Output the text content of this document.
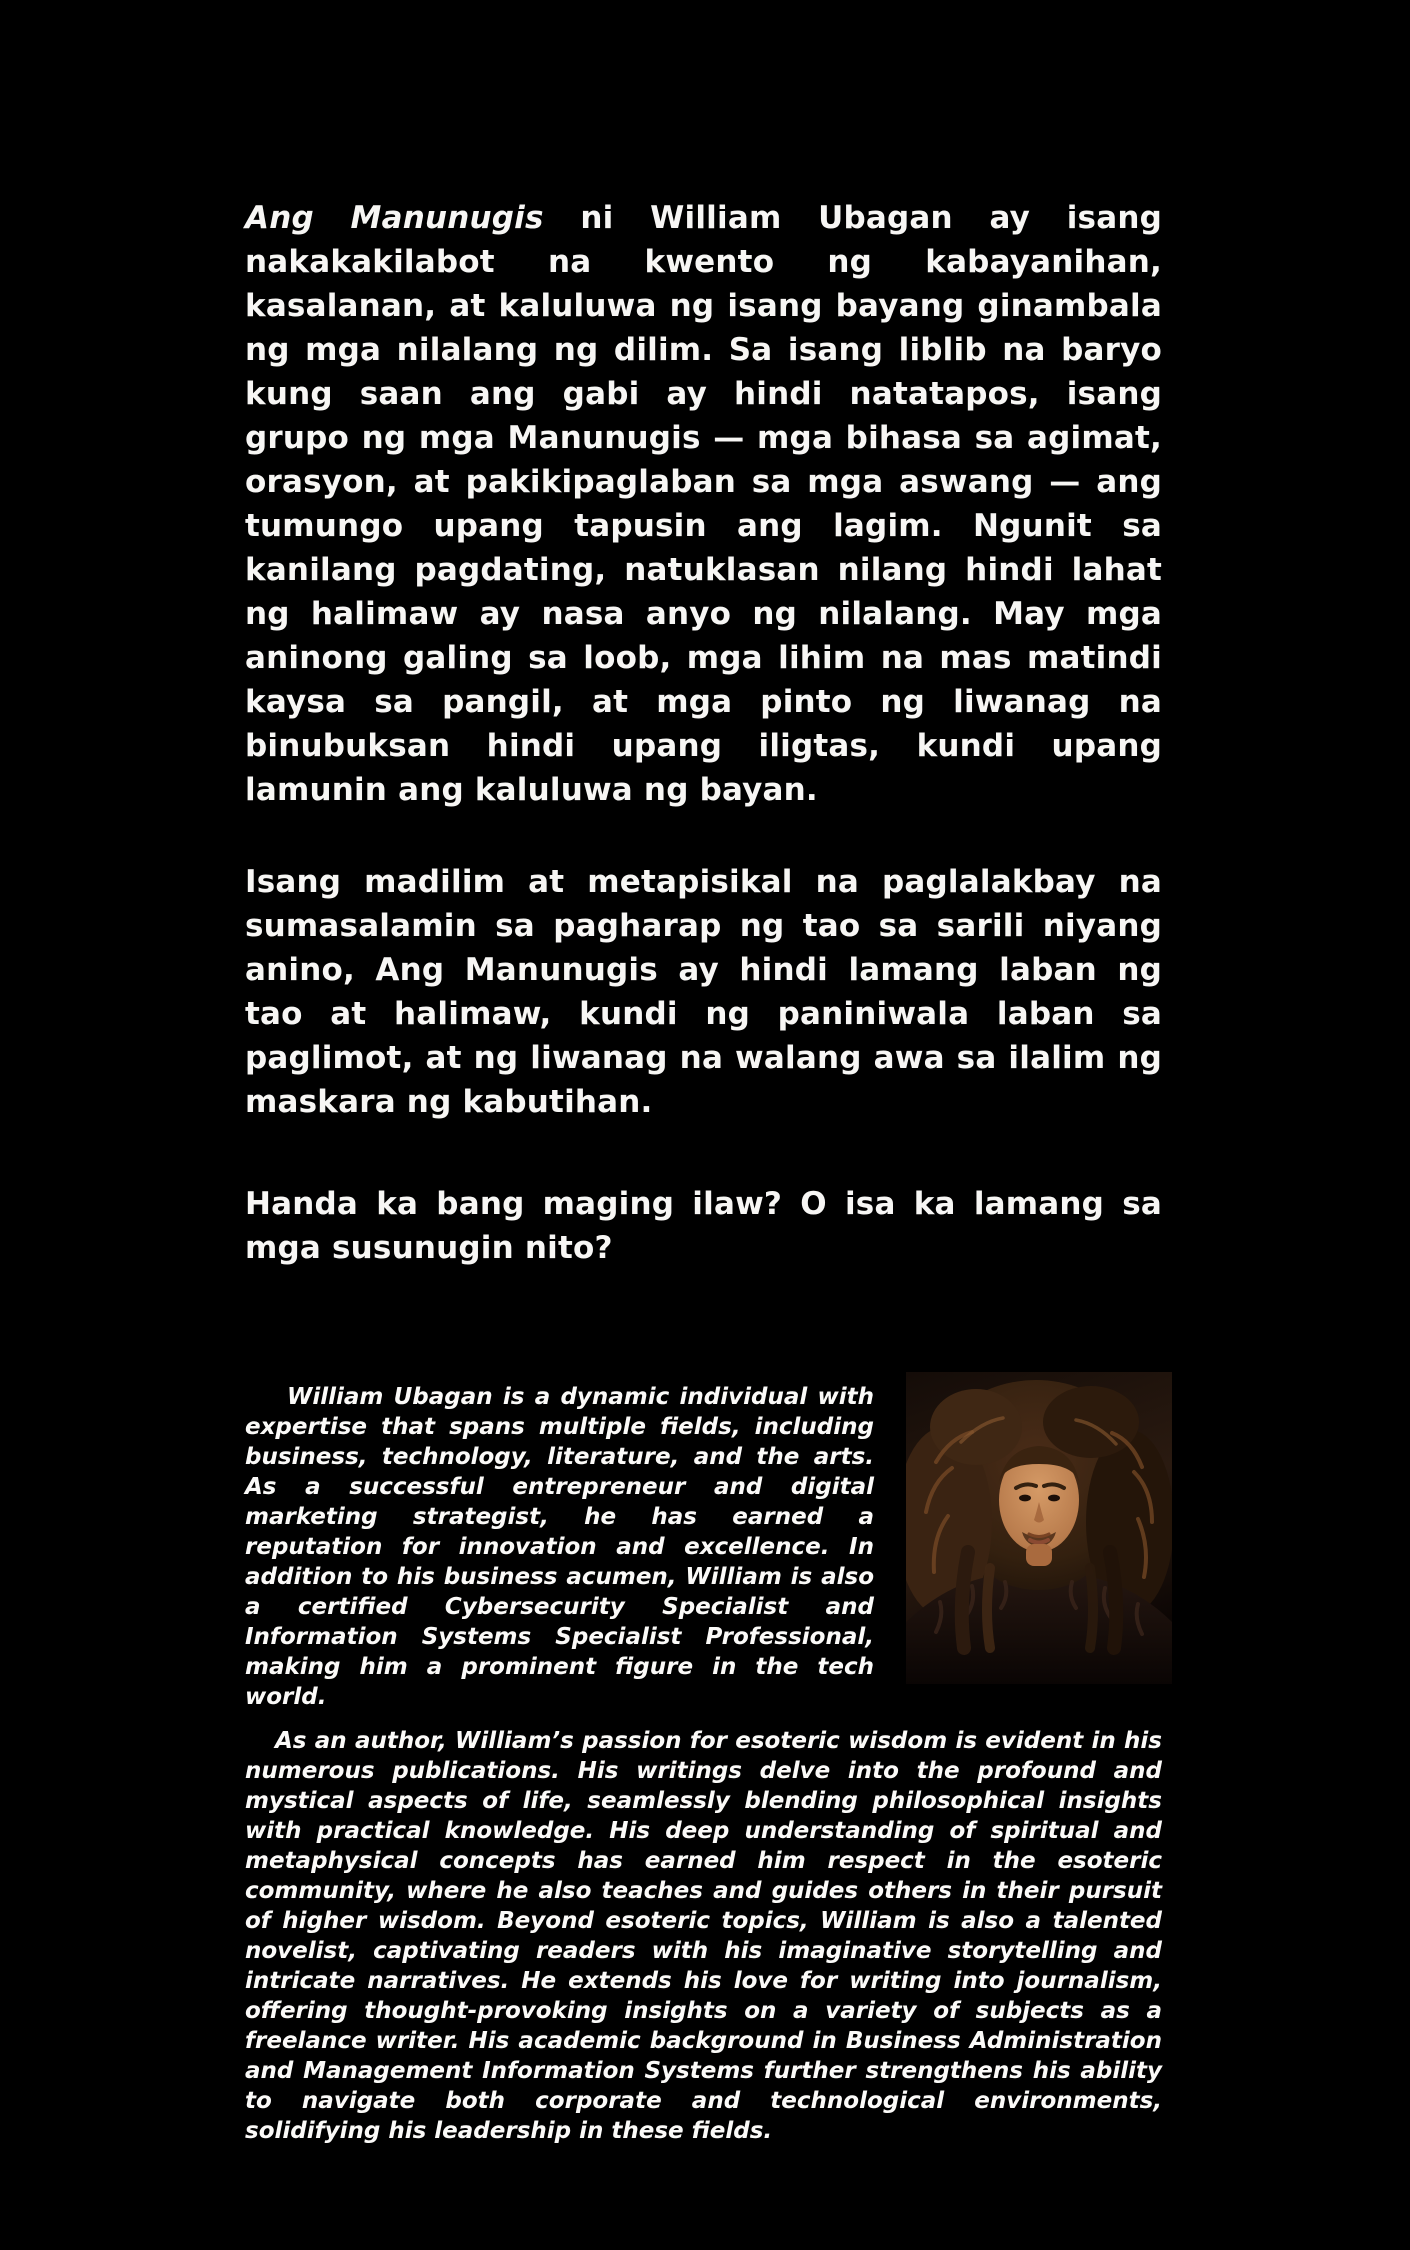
Ang Manunugis ni William Ubagan ay isang nakakakilabot na kwento ng kabayanihan, kasalanan, at kaluluwa ng isang bayang ginambala ng mga nilalang ng dilim. Sa isang liblib na baryo kung saan ang gabi ay hindi natatapos, isang grupo ng mga Manunugis — mga bihasa sa agimat, orasyon, at pakikipaglaban sa mga aswang — ang tumungo upang tapusin ang lagim. Ngunit sa kanilang pagdating, natuklasan nilang hindi lahat ng halimaw ay nasa anyo ng nilalang. May mga aninong galing sa loob, mga lihim na mas matindi kaysa sa pangil, at mga pinto ng liwanag na binubuksan hindi upang iligtas, kundi upang lamunin ang kaluluwa ng bayan.

Isang madilim at metapisikal na paglalakbay na sumasalamin sa pagharap ng tao sa sarili niyang anino, Ang Manunugis ay hindi lamang laban ng tao at halimaw, kundi ng paniniwala laban sa paglimot, at ng liwanag na walang awa sa ilalim ng maskara ng kabutihan.

Handa ka bang maging ilaw? O isa ka lamang sa mga susunugin nito?

William Ubagan is a dynamic individual with expertise that spans multiple fields, including business, technology, literature, and the arts. As a successful entrepreneur and digital marketing strategist, he has earned a reputation for innovation and excellence. In addition to his business acumen, William is also a certified Cybersecurity Specialist and Information Systems Specialist Professional, making him a prominent figure in the tech world.

As an author, William’s passion for esoteric wisdom is evident in his numerous publications. His writings delve into the profound and mystical aspects of life, seamlessly blending philosophical insights with practical knowledge. His deep understanding of spiritual and metaphysical concepts has earned him respect in the esoteric community, where he also teaches and guides others in their pursuit of higher wisdom. Beyond esoteric topics, William is also a talented novelist, captivating readers with his imaginative storytelling and intricate narratives. He extends his love for writing into journalism, offering thought-provoking insights on a variety of subjects as a freelance writer. His academic background in Business Administration and Management Information Systems further strengthens his ability to navigate both corporate and technological environments, solidifying his leadership in these fields.
